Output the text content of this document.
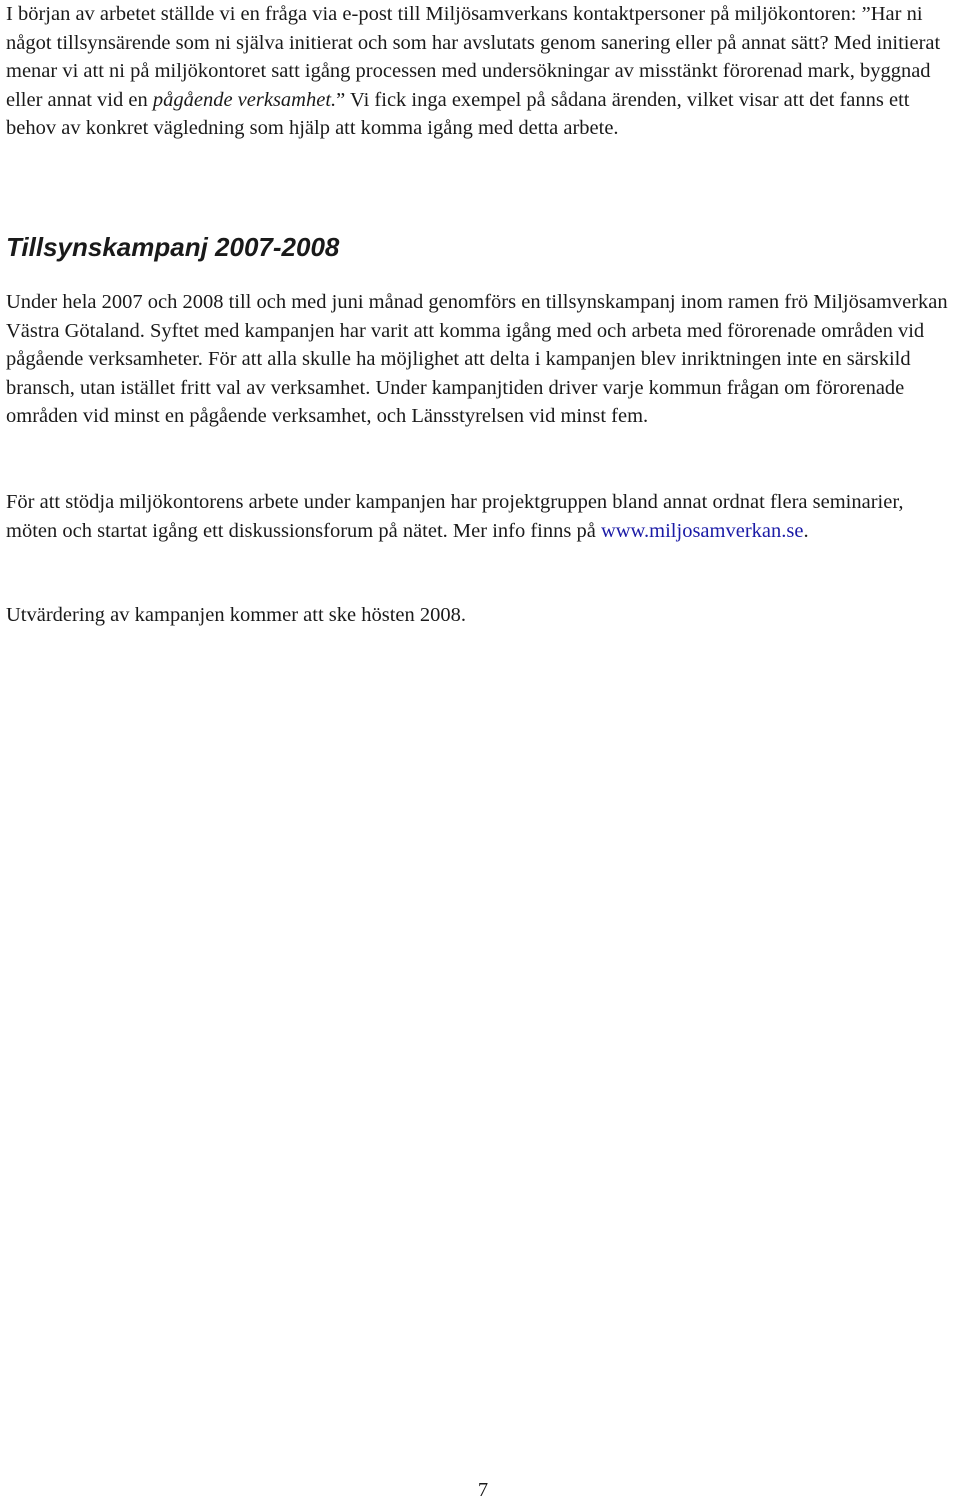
I början av arbetet ställde vi en fråga via e-post till Miljösamverkans kontaktpersoner på miljökontoren: ”Har ni något tillsynsärende som ni själva initierat och som har avslutats genom sanering eller på annat sätt? Med initierat menar vi att ni på miljökontoret satt igång processen med undersökningar av misstänkt förorenad mark, byggnad eller annat vid en pågående verksamhet.” Vi fick inga exempel på sådana ärenden, vilket visar att det fanns ett behov av konkret vägledning som hjälp att komma igång med detta arbete.

Tillsynskampanj 2007-2008

Under hela 2007 och 2008 till och med juni månad genomförs en tillsynskampanj inom ramen frö Miljösamverkan Västra Götaland. Syftet med kampanjen har varit att komma igång med och arbeta med förorenade områden vid pågående verksamheter. För att alla skulle ha möjlighet att delta i kampanjen blev inriktningen inte en särskild bransch, utan istället fritt val av verksamhet. Under kampanjtiden driver varje kommun frågan om förorenade områden vid minst en pågående verksamhet, och Länsstyrelsen vid minst fem.

För att stödja miljökontorens arbete under kampanjen har projektgruppen bland annat ordnat flera seminarier, möten och startat igång ett diskussionsforum på nätet. Mer info finns på www.miljosamverkan.se.

Utvärdering av kampanjen kommer att ske hösten 2008.

7
